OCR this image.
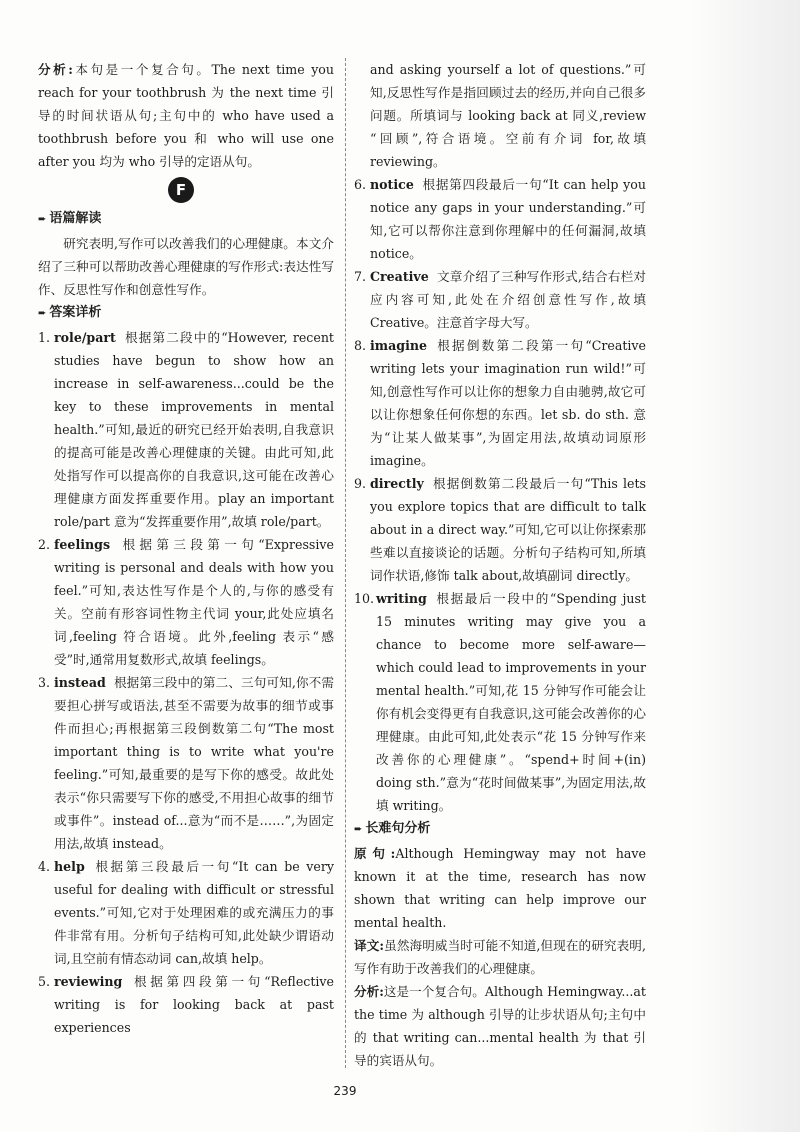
分析:本句是一个复合句。The next time you reach for your toothbrush 为 the next time 引导的时间状语从句;主句中的 who have used a toothbrush before you 和 who will use one after you 均为 who 引导的定语从句。

F

➨ 语篇解读

研究表明,写作可以改善我们的心理健康。本文介绍了三种可以帮助改善心理健康的写作形式:表达性写作、反思性写作和创意性写作。

➨ 答案详析

1. role/part 根据第二段中的“However, recent studies have begun to show how an increase in self-awareness...could be the key to these improvements in mental health.”可知,最近的研究已经开始表明,自我意识的提高可能是改善心理健康的关键。由此可知,此处指写作可以提高你的自我意识,这可能在改善心理健康方面发挥重要作用。play an important role/part 意为“发挥重要作用”,故填 role/part。
2. feelings 根据第三段第一句“Expressive writing is personal and deals with how you feel.”可知,表达性写作是个人的,与你的感受有关。空前有形容词性物主代词 your,此处应填名词,feeling 符合语境。此外,feeling 表示“感受”时,通常用复数形式,故填 feelings。
3. instead 根据第三段中的第二、三句可知,你不需要担心拼写或语法,甚至不需要为故事的细节或事件而担心;再根据第三段倒数第二句“The most important thing is to write what you're feeling.”可知,最重要的是写下你的感受。故此处表示“你只需要写下你的感受,不用担心故事的细节或事件”。instead of...意为“而不是……”,为固定用法,故填 instead。
4. help 根据第三段最后一句“It can be very useful for dealing with difficult or stressful events.”可知,它对于处理困难的或充满压力的事件非常有用。分析句子结构可知,此处缺少谓语动词,且空前有情态动词 can,故填 help。
5. reviewing 根据第四段第一句“Reflective writing is for looking back at past experiences
and asking yourself a lot of questions.”可知,反思性写作是指回顾过去的经历,并向自己很多问题。所填词与 looking back at 同义,review “回顾”,符合语境。空前有介词 for,故填 reviewing。
6. notice 根据第四段最后一句“It can help you notice any gaps in your understanding.”可知,它可以帮你注意到你理解中的任何漏洞,故填 notice。
7. Creative 文章介绍了三种写作形式,结合右栏对应内容可知,此处在介绍创意性写作,故填 Creative。注意首字母大写。
8. imagine 根据倒数第二段第一句“Creative writing lets your imagination run wild!”可知,创意性写作可以让你的想象力自由驰骋,故它可以让你想象任何你想的东西。let sb. do sth. 意为“让某人做某事”,为固定用法,故填动词原形 imagine。
9. directly 根据倒数第二段最后一句“This lets you explore topics that are difficult to talk about in a direct way.”可知,它可以让你探索那些难以直接谈论的话题。分析句子结构可知,所填词作状语,修饰 talk about,故填副词 directly。
10. writing 根据最后一段中的“Spending just 15 minutes writing may give you a chance to become more self-aware—which could lead to improvements in your mental health.”可知,花 15 分钟写作可能会让你有机会变得更有自我意识,这可能会改善你的心理健康。由此可知,此处表示“花 15 分钟写作来改善你的心理健康”。“spend+时间+(in) doing sth.”意为“花时间做某事”,为固定用法,故填 writing。

➨ 长难句分析

原句:Although Hemingway may not have known it at the time, research has now shown that writing can help improve our mental health.

译文:虽然海明威当时可能不知道,但现在的研究表明,写作有助于改善我们的心理健康。

分析:这是一个复合句。Although Hemingway...at the time 为 although 引导的让步状语从句;主句中的 that writing can...mental health 为 that 引导的宾语从句。

239
